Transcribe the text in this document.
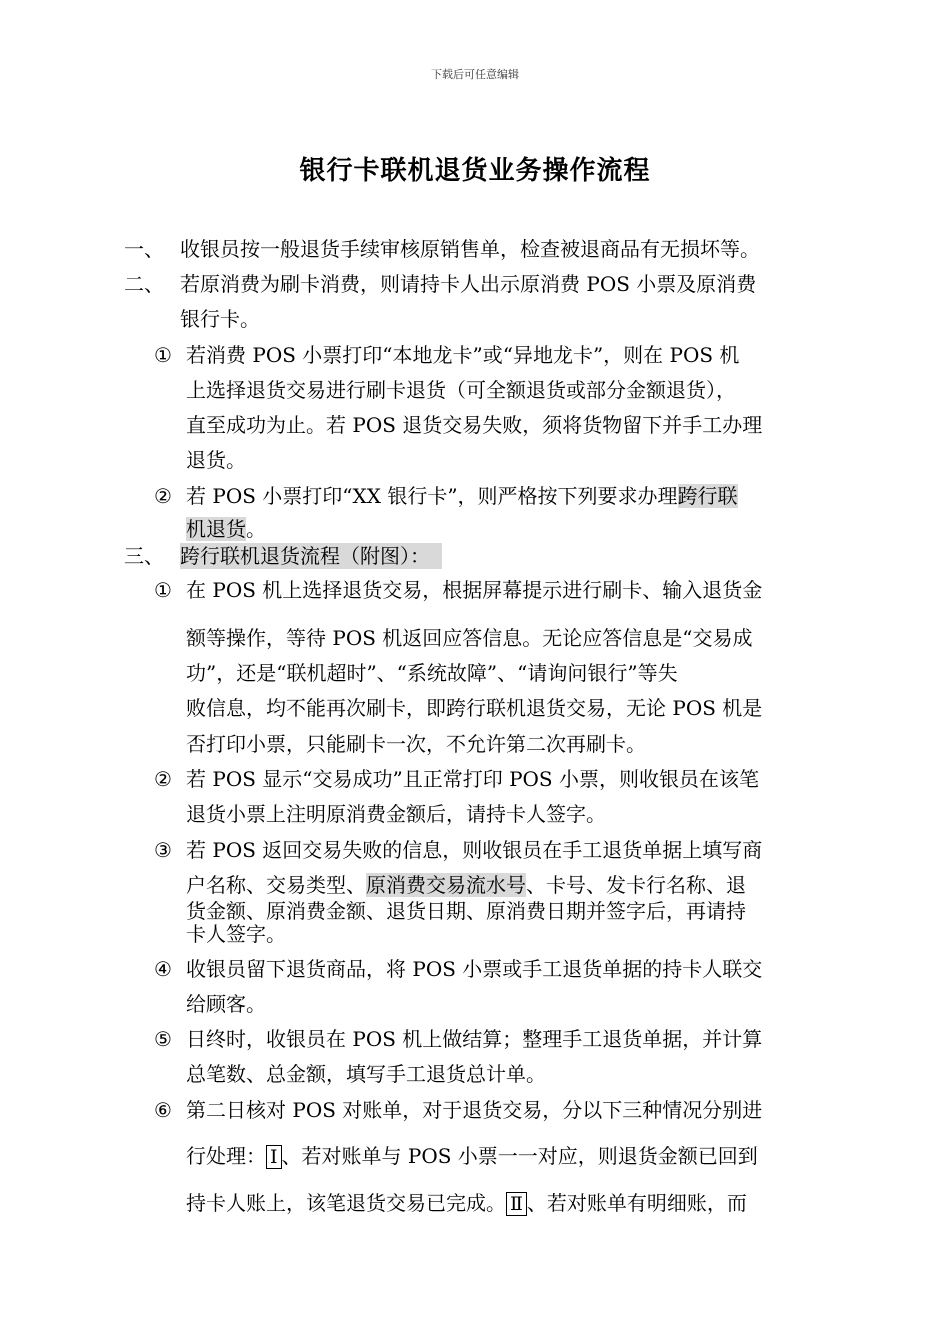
下载后可任意编辑
银行卡联机退货业务操作流程
一、 收银员按一般退货手续审核原销售单，检查被退商品有无损坏等。
二、 若原消费为刷卡消费，则请持卡人出示原消费 POS 小票及原消费
银行卡。
① 若消费 POS 小票打印“本地龙卡”或“异地龙卡”，则在 POS 机
上选择退货交易进行刷卡退货（可全额退货或部分金额退货），
直至成功为止。若 POS 退货交易失败，须将货物留下并手工办理
退货。
② 若 POS 小票打印“XX 银行卡”，则严格按下列要求办理跨行联
机退货。
三、 跨行联机退货流程（附图）：
① 在 POS 机上选择退货交易，根据屏幕提示进行刷卡、输入退货金
额等操作，等待 POS 机返回应答信息。无论应答信息是“交易成
功”，还是“联机超时”、“系统故障”、“请询问银行”等失
败信息，均不能再次刷卡，即跨行联机退货交易，无论 POS 机是
否打印小票，只能刷卡一次，不允许第二次再刷卡。
② 若 POS 显示“交易成功”且正常打印 POS 小票，则收银员在该笔
退货小票上注明原消费金额后，请持卡人签字。
③ 若 POS 返回交易失败的信息，则收银员在手工退货单据上填写商
户名称、交易类型、原消费交易流水号、卡号、发卡行名称、退
货金额、原消费金额、退货日期、原消费日期并签字后，再请持
卡人签字。
④ 收银员留下退货商品，将 POS 小票或手工退货单据的持卡人联交
给顾客。
⑤ 日终时，收银员在 POS 机上做结算；整理手工退货单据，并计算
总笔数、总金额，填写手工退货总计单。
⑥ 第二日核对 POS 对账单，对于退货交易，分以下三种情况分别进
行处理： Ⅰ 、若对账单与 POS 小票一一对应，则退货金额已回到
持卡人账上，该笔退货交易已完成。 Ⅱ 、若对账单有明细账，而
